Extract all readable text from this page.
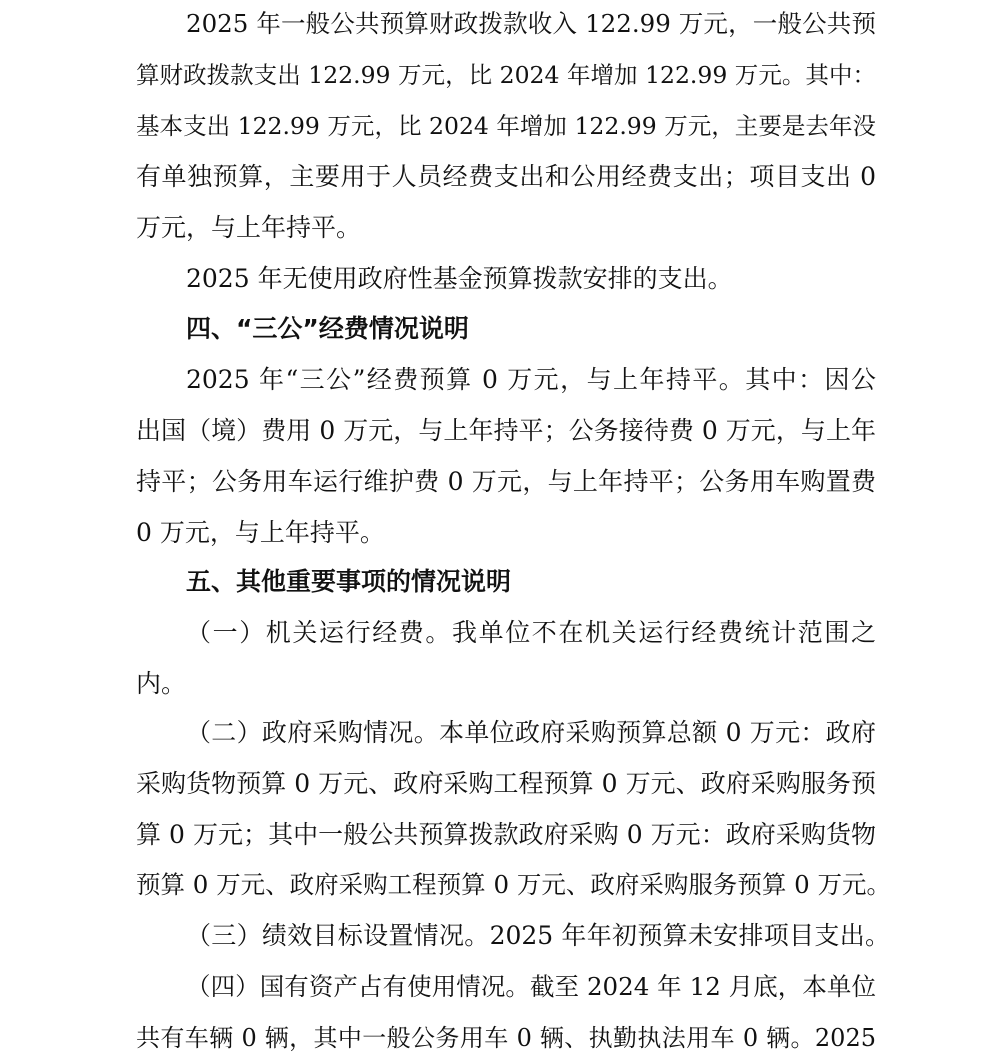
2025 年一般公共预算财政拨款收入 122.99 万元，一般公共预
算财政拨款支出 122.99 万元，比 2024 年增加 122.99 万元。其中：
基本支出 122.99 万元，比 2024 年增加 122.99 万元，主要是去年没
有单独预算，主要用于人员经费支出和公用经费支出；项目支出 0
万元，与上年持平。
2025 年无使用政府性基金预算拨款安排的支出。
四、“三公”经费情况说明
2025 年“三公”经费预算 0 万元，与上年持平。其中：因公
出国（境）费用 0 万元，与上年持平；公务接待费 0 万元，与上年
持平；公务用车运行维护费 0 万元，与上年持平；公务用车购置费
0 万元，与上年持平。
五、其他重要事项的情况说明
（一）机关运行经费。我单位不在机关运行经费统计范围之
内。
（二）政府采购情况。本单位政府采购预算总额 0 万元：政府
采购货物预算 0 万元、政府采购工程预算 0 万元、政府采购服务预
算 0 万元；其中一般公共预算拨款政府采购 0 万元：政府采购货物
预算 0 万元、政府采购工程预算 0 万元、政府采购服务预算 0 万元。
（三）绩效目标设置情况。2025 年年初预算未安排项目支出。
（四）国有资产占有使用情况。截至 2024 年 12 月底，本单位
共有车辆 0 辆，其中一般公务用车 0 辆、执勤执法用车 0 辆。2025
